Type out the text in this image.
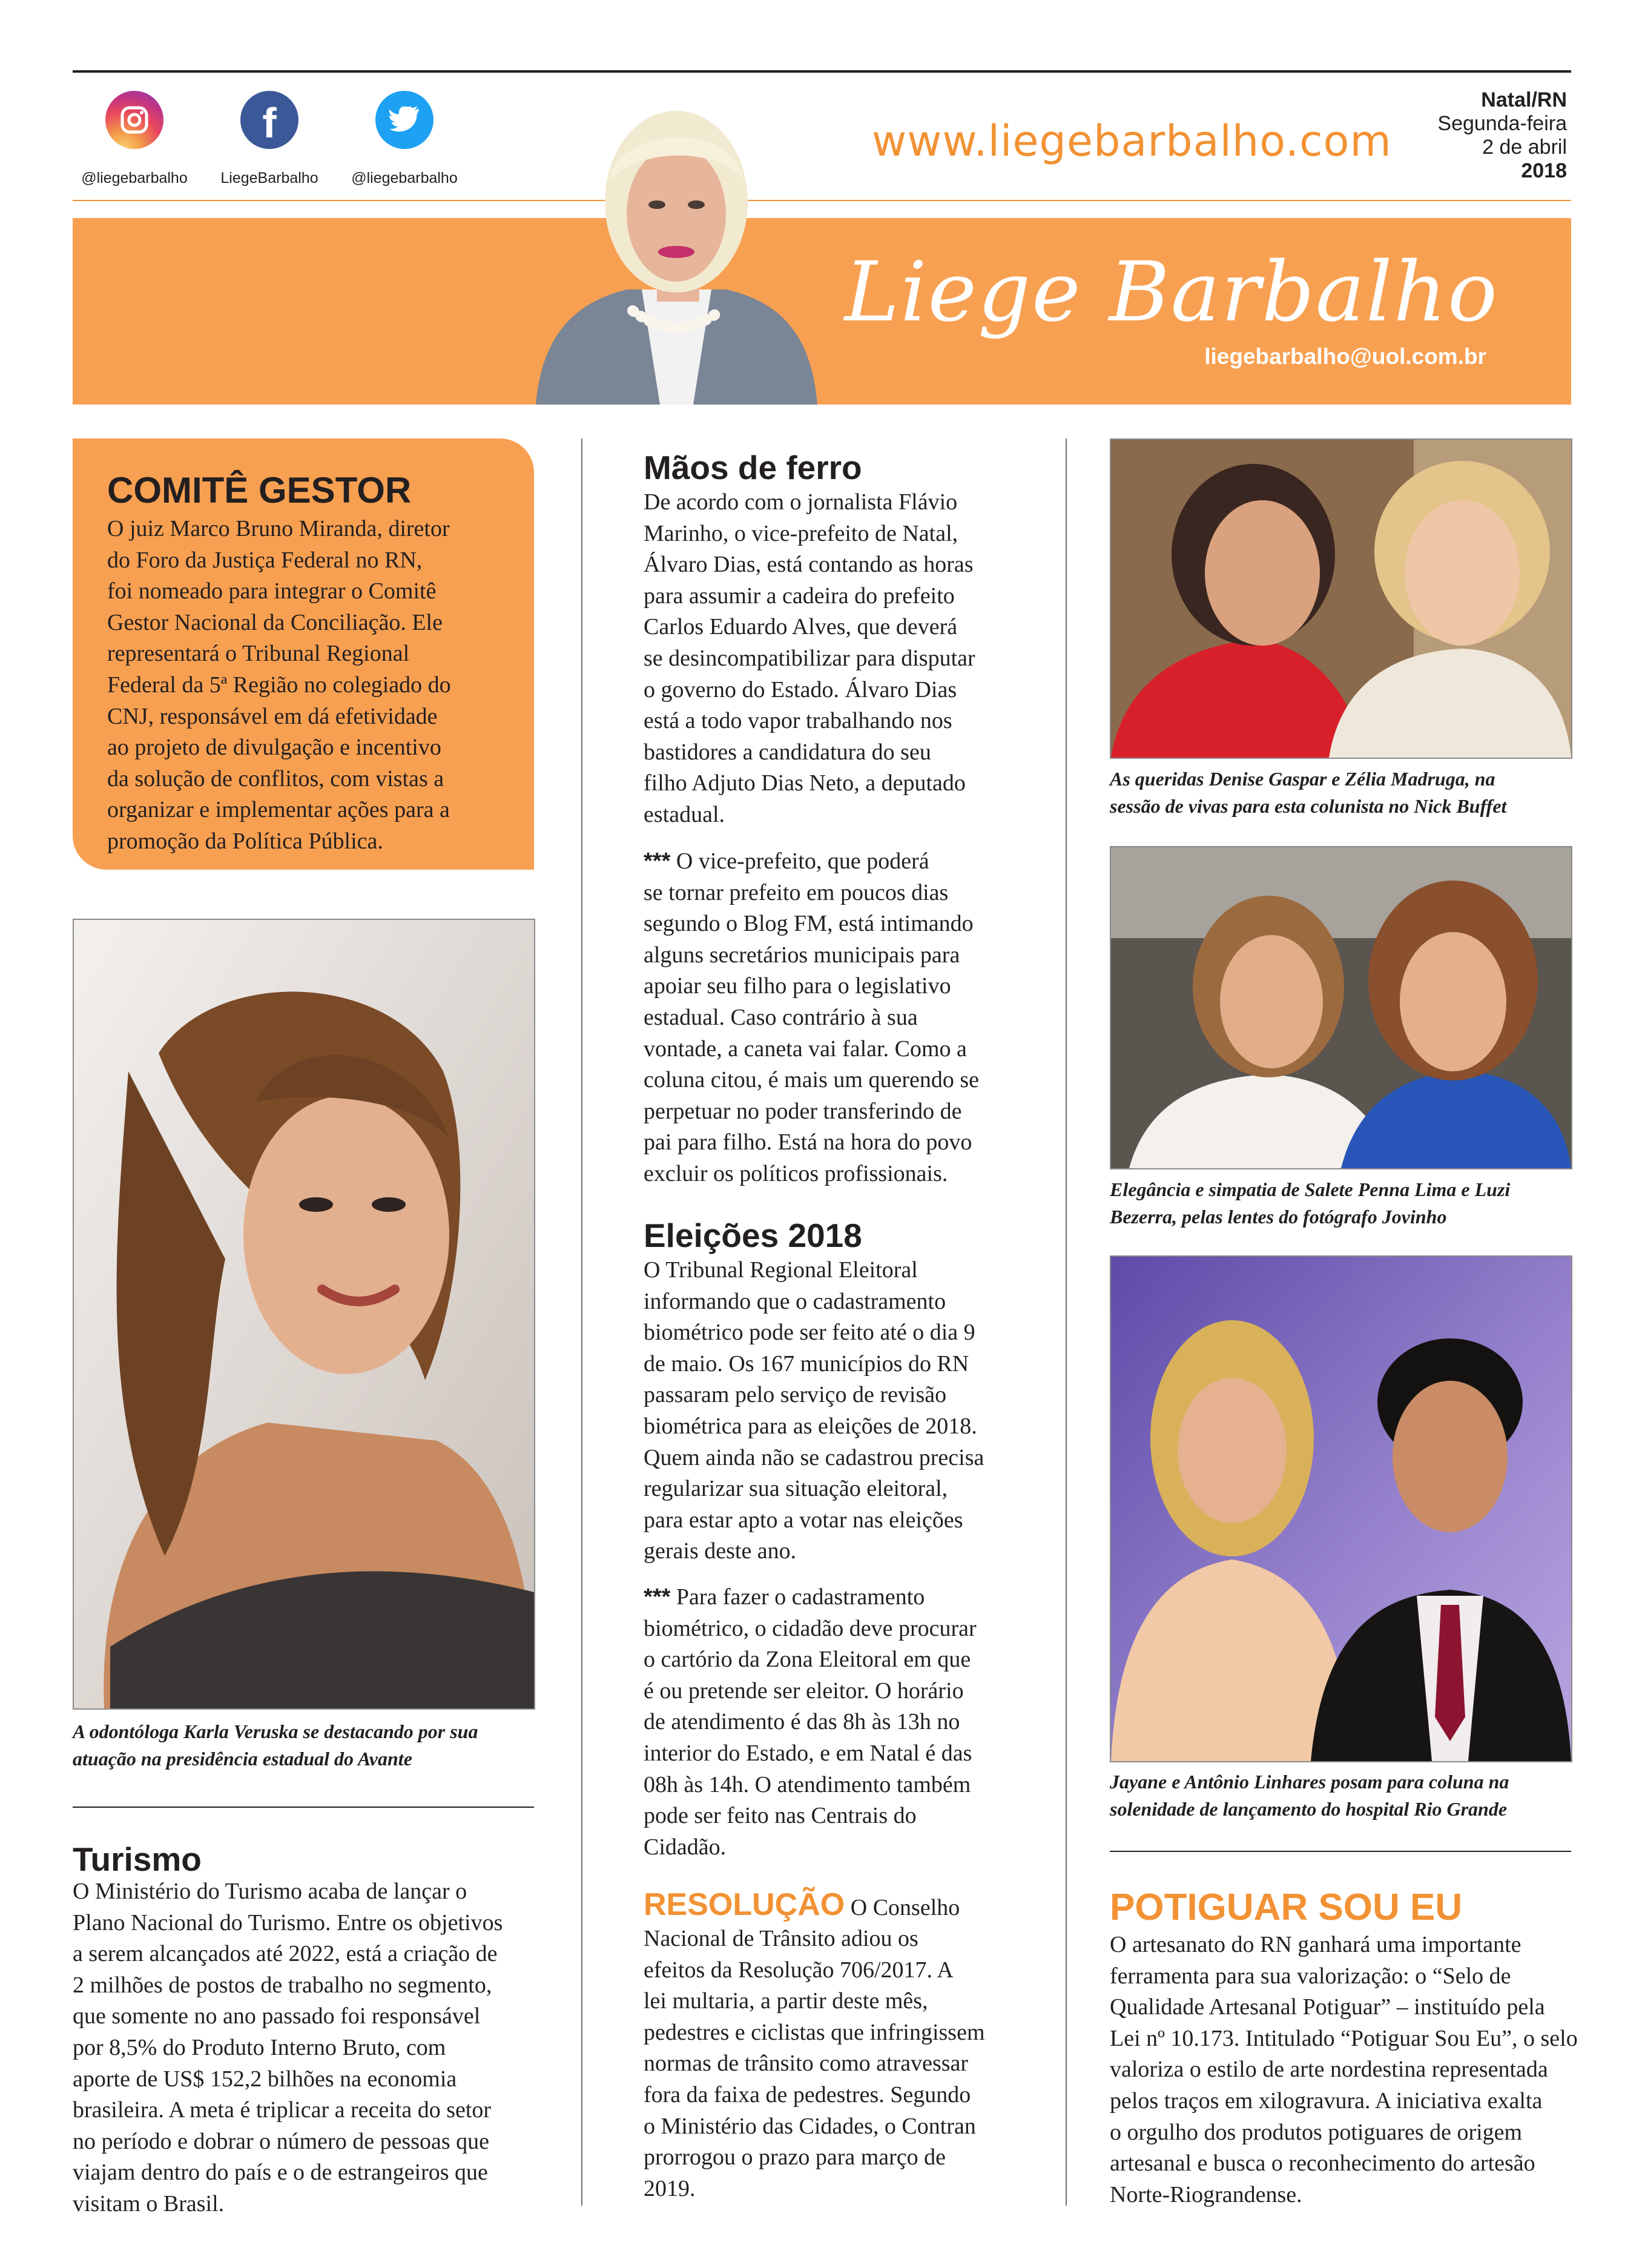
@liegebarbalho
f
LiegeBarbalho	@liegebarbalho
www.liegebarbalho.com
Natal/RN
Segunda-feira
2 de abril
2018
Liege Barbalho
liegebarbalho@uol.com.br
COMITÊ GESTOR

O juiz Marco Bruno Miranda, diretor
do Foro da Justiça Federal no RN,
foi nomeado para integrar o Comitê
Gestor Nacional da Conciliação. Ele
representará o Tribunal Regional
Federal da 5ª Região no colegiado do
CNJ, responsável em dá efetividade
ao projeto de divulgação e incentivo
da solução de conflitos, com vistas a
organizar e implementar ações para a
promoção da Política Pública.

A odontóloga Karla Veruska se destacando por sua
atuação na presidência estadual do Avante
Turismo

O Ministério do Turismo acaba de lançar o
Plano Nacional do Turismo. Entre os objetivos
a serem alcançados até 2022, está a criação de
2 milhões de postos de trabalho no segmento,
que somente no ano passado foi responsável
por 8,5% do Produto Interno Bruto, com
aporte de US$ 152,2 bilhões na economia
brasileira. A meta é triplicar a receita do setor
no período e dobrar o número de pessoas que
viajam dentro do país e o de estrangeiros que
visitam o Brasil.

Mãos de ferro

De acordo com o jornalista Flávio
Marinho, o vice-prefeito de Natal,
Álvaro Dias, está contando as horas
para assumir a cadeira do prefeito
Carlos Eduardo Alves, que deverá
se desincompatibilizar para disputar
o governo do Estado. Álvaro Dias
está a todo vapor trabalhando nos
bastidores a candidatura do seu
filho Adjuto Dias Neto, a deputado
estadual.

*** O vice-prefeito, que poderá
se tornar prefeito em poucos dias
segundo o Blog FM, está intimando
alguns secretários municipais para
apoiar seu filho para o legislativo
estadual. Caso contrário à sua
vontade, a caneta vai falar. Como a
coluna citou, é mais um querendo se
perpetuar no poder transferindo de
pai para filho. Está na hora do povo
excluir os políticos profissionais.

Eleições 2018

O Tribunal Regional Eleitoral
informando que o cadastramento
biométrico pode ser feito até o dia 9
de maio. Os 167 municípios do RN
passaram pelo serviço de revisão
biométrica para as eleições de 2018.
Quem ainda não se cadastrou precisa
regularizar sua situação eleitoral,
para estar apto a votar nas eleições
gerais deste ano.

*** Para fazer o cadastramento
biométrico, o cidadão deve procurar
o cartório da Zona Eleitoral em que
é ou pretende ser eleitor. O horário
de atendimento é das 8h às 13h no
interior do Estado, e em Natal é das
08h às 14h. O atendimento também
pode ser feito nas Centrais do
Cidadão.

RESOLUÇÃO O Conselho

Nacional de Trânsito adiou os
efeitos da Resolução 706/2017. A
lei multaria, a partir deste mês,
pedestres e ciclistas que infringissem
normas de trânsito como atravessar
fora da faixa de pedestres. Segundo
o Ministério das Cidades, o Contran
prorrogou o prazo para março de
2019.

As queridas Denise Gaspar e Zélia Madruga, na
sessão de vivas para esta colunista no Nick Buffet
Elegância e simpatia de Salete Penna Lima e Luzi
Bezerra, pelas lentes do fotógrafo Jovinho
Jayane e Antônio Linhares posam para coluna na
solenidade de lançamento do hospital Rio Grande
POTIGUAR SOU EU

O artesanato do RN ganhará uma importante
ferramenta para sua valorização: o “Selo de
Qualidade Artesanal Potiguar” – instituído pela
Lei nº 10.173. Intitulado “Potiguar Sou Eu”, o selo
valoriza o estilo de arte nordestina representada
pelos traços em xilogravura. A iniciativa exalta
o orgulho dos produtos potiguares de origem
artesanal e busca o reconhecimento do artesão
Norte-Riograndense.
